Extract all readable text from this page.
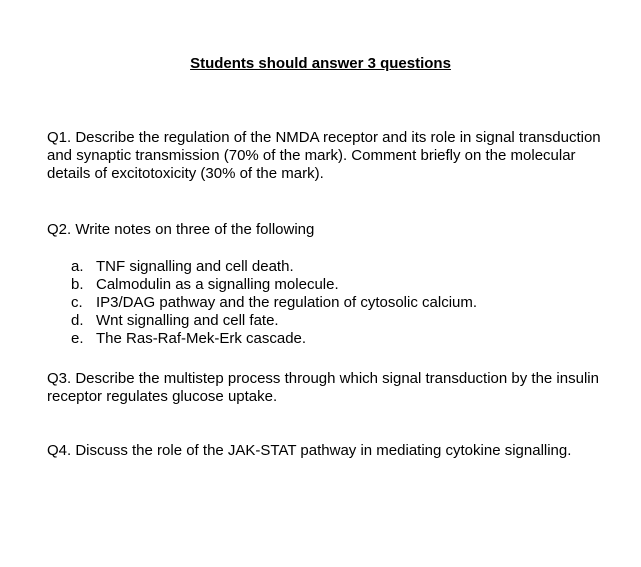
Students should answer 3 questions

Q1. Describe the regulation of the NMDA receptor and its role in signal transduction and synaptic transmission (70% of the mark). Comment briefly on the molecular details of excitotoxicity (30% of the mark).

Q2. Write notes on three of the following

a. TNF signalling and cell death.
b. Calmodulin as a signalling molecule.
c. IP3/DAG pathway and the regulation of cytosolic calcium.
d. Wnt signalling and cell fate.
e. The Ras-Raf-Mek-Erk cascade.

Q3. Describe the multistep process through which signal transduction by the insulin receptor regulates glucose uptake.

Q4. Discuss the role of the JAK-STAT pathway in mediating cytokine signalling.
